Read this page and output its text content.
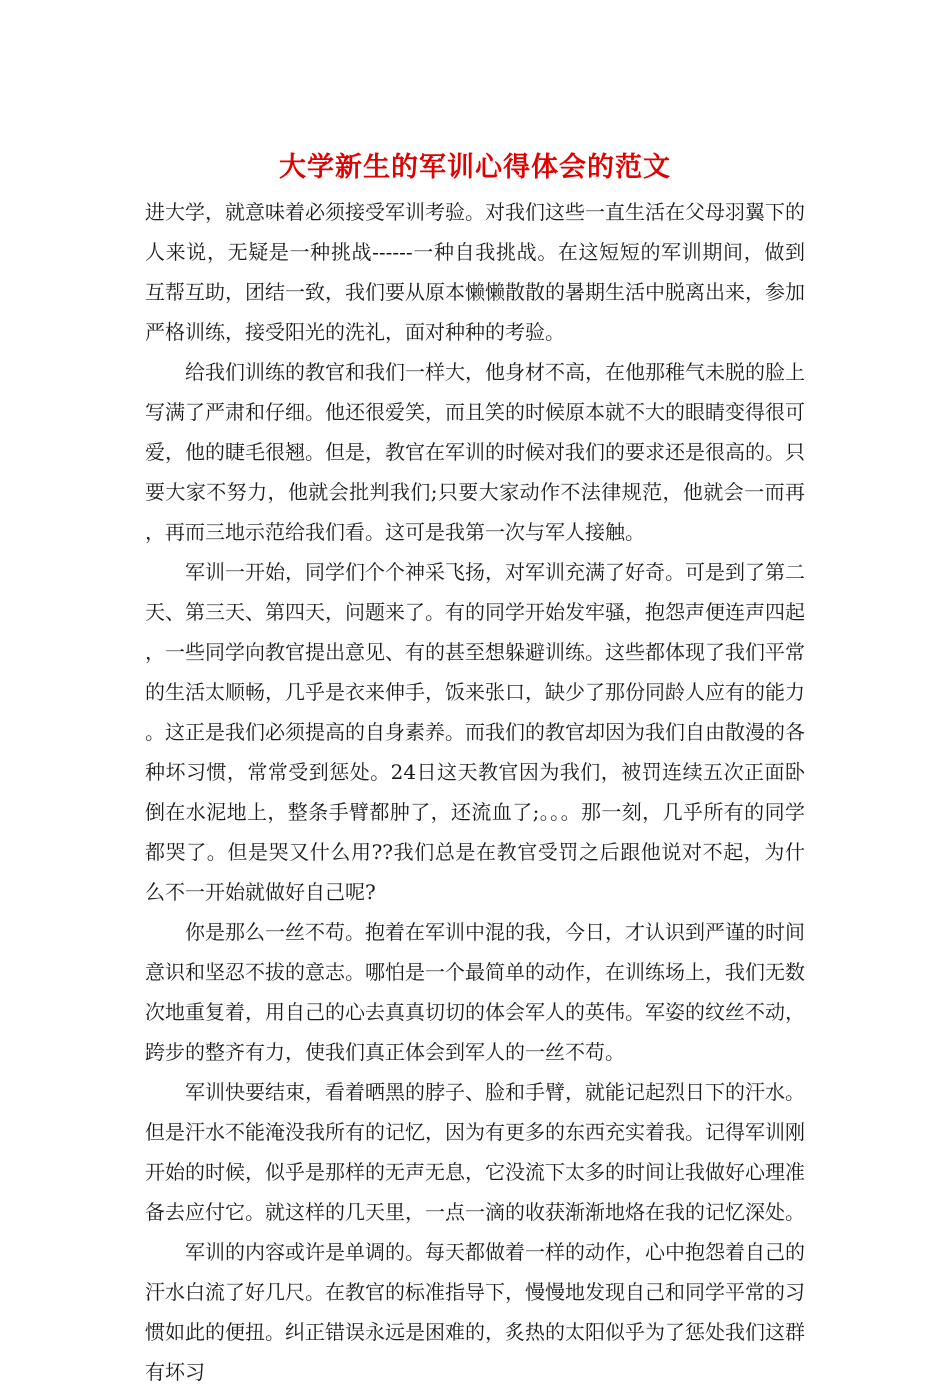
大学新生的军训心得体会的范文

进大学，就意味着必须接受军训考验。对我们这些一直生活在父母羽翼下的人来说，无疑是一种挑战------一种自我挑战。在这短短的军训期间，做到互帮互助，团结一致，我们要从原本懒懒散散的暑期生活中脱离出来，参加严格训练，接受阳光的洗礼，面对种种的考验。

给我们训练的教官和我们一样大，他身材不高，在他那稚气未脱的脸上写满了严肃和仔细。他还很爱笑，而且笑的时候原本就不大的眼睛变得很可爱，他的睫毛很翘。但是，教官在军训的时候对我们的要求还是很高的。只要大家不努力，他就会批判我们;只要大家动作不法律规范，他就会一而再，再而三地示范给我们看。这可是我第一次与军人接触。

军训一开始，同学们个个神采飞扬，对军训充满了好奇。可是到了第二天、第三天、第四天，问题来了。有的同学开始发牢骚，抱怨声便连声四起，一些同学向教官提出意见、有的甚至想躲避训练。这些都体现了我们平常的生活太顺畅，几乎是衣来伸手，饭来张口，缺少了那份同龄人应有的能力。这正是我们必须提高的自身素养。而我们的教官却因为我们自由散漫的各种坏习惯，常常受到惩处。24日这天教官因为我们，被罚连续五次正面卧倒在水泥地上，整条手臂都肿了，还流血了;。。。那一刻，几乎所有的同学都哭了。但是哭又什么用??我们总是在教官受罚之后跟他说对不起，为什么不一开始就做好自己呢?

你是那么一丝不苟。抱着在军训中混的我，今日，才认识到严谨的时间意识和坚忍不拔的意志。哪怕是一个最简单的动作，在训练场上，我们无数次地重复着，用自己的心去真真切切的体会军人的英伟。军姿的纹丝不动，跨步的整齐有力，使我们真正体会到军人的一丝不苟。

军训快要结束，看着晒黑的脖子、脸和手臂，就能记起烈日下的汗水。但是汗水不能淹没我所有的记忆，因为有更多的东西充实着我。记得军训刚开始的时候，似乎是那样的无声无息，它没流下太多的时间让我做好心理准备去应付它。就这样的几天里，一点一滴的收获渐渐地烙在我的记忆深处。

军训的内容或许是单调的。每天都做着一样的动作，心中抱怨着自己的汗水白流了好几尺。在教官的标准指导下，慢慢地发现自己和同学平常的习惯如此的便扭。纠正错误永远是困难的，炙热的太阳似乎为了惩处我们这群有坏习
